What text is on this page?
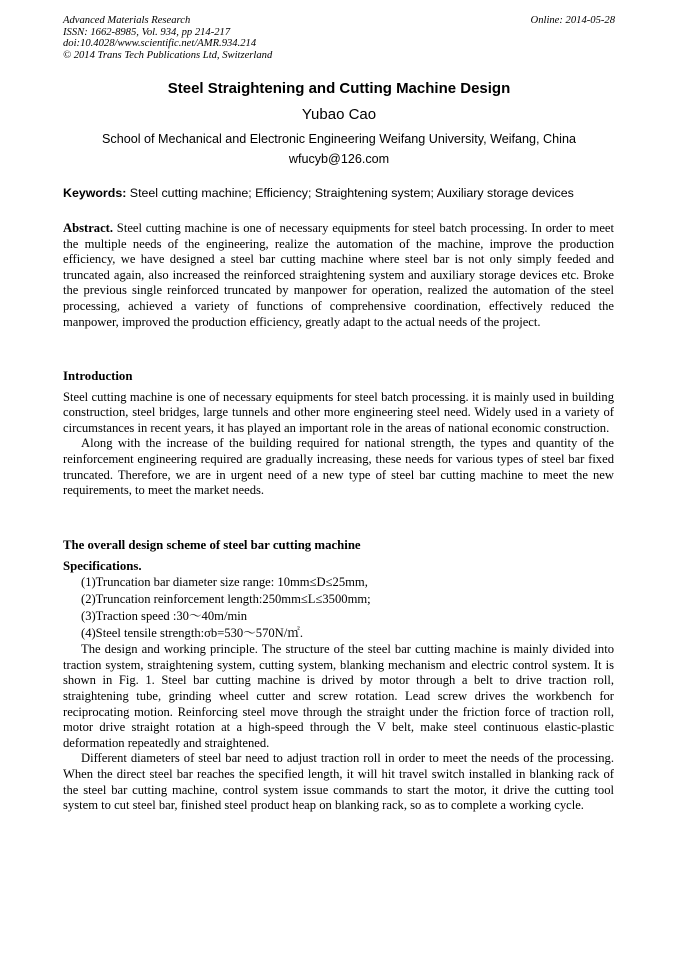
Advanced Materials Research
ISSN: 1662-8985, Vol. 934, pp 214-217
doi:10.4028/www.scientific.net/AMR.934.214
© 2014 Trans Tech Publications Ltd, Switzerland
Online: 2014-05-28
Steel Straightening and Cutting Machine Design
Yubao Cao
School of Mechanical and Electronic Engineering Weifang University, Weifang, China
wfucyb@126.com
Keywords: Steel cutting machine; Efficiency; Straightening system; Auxiliary storage devices
Abstract. Steel cutting machine is one of necessary equipments for steel batch processing. In order to meet the multiple needs of the engineering, realize the automation of the machine, improve the production efficiency, we have designed a steel bar cutting machine where steel bar is not only simply feeded and truncated again, also increased the reinforced straightening system and auxiliary storage devices etc. Broke the previous single reinforced truncated by manpower for operation, realized the automation of the steel processing, achieved a variety of functions of comprehensive coordination, effectively reduced the manpower, improved the production efficiency, greatly adapt to the actual needs of the project.
Introduction

Steel cutting machine is one of necessary equipments for steel batch processing. it is mainly used in building construction, steel bridges, large tunnels and other more engineering steel need. Widely used in a variety of circumstances in recent years, it has played an important role in the areas of national economic construction.

Along with the increase of the building required for national strength, the types and quantity of the reinforcement engineering required are gradually increasing, these needs for various types of steel bar fixed truncated. Therefore, we are in urgent need of a new type of steel bar cutting machine to meet the new requirements, to meet the market needs.

The overall design scheme of steel bar cutting machine
Specifications.
(1)Truncation bar diameter size range: 10mm≤D≤25mm,
(2)Truncation reinforcement length:250mm≤L≤3500mm;
(3)Traction speed :30～40m/min
(4)Steel tensile strength:σb=530～570N/㎡.

The design and working principle. The structure of the steel bar cutting machine is mainly divided into traction system, straightening system, cutting system, blanking mechanism and electric control system. It is shown in Fig. 1. Steel bar cutting machine is drived by motor through a belt to drive traction roll, straightening tube, grinding wheel cutter and screw rotation. Lead screw drives the workbench for reciprocating motion. Reinforcing steel move through the straight under the friction force of traction roll, motor drive straight rotation at a high-speed through the V belt, make steel continuous elastic-plastic deformation repeatedly and straightened.

Different diameters of steel bar need to adjust traction roll in order to meet the needs of the processing. When the direct steel bar reaches the specified length, it will hit travel switch installed in blanking rack of the steel bar cutting machine, control system issue commands to start the motor, it drive the cutting tool system to cut steel bar, finished steel product heap on blanking rack, so as to complete a working cycle.
